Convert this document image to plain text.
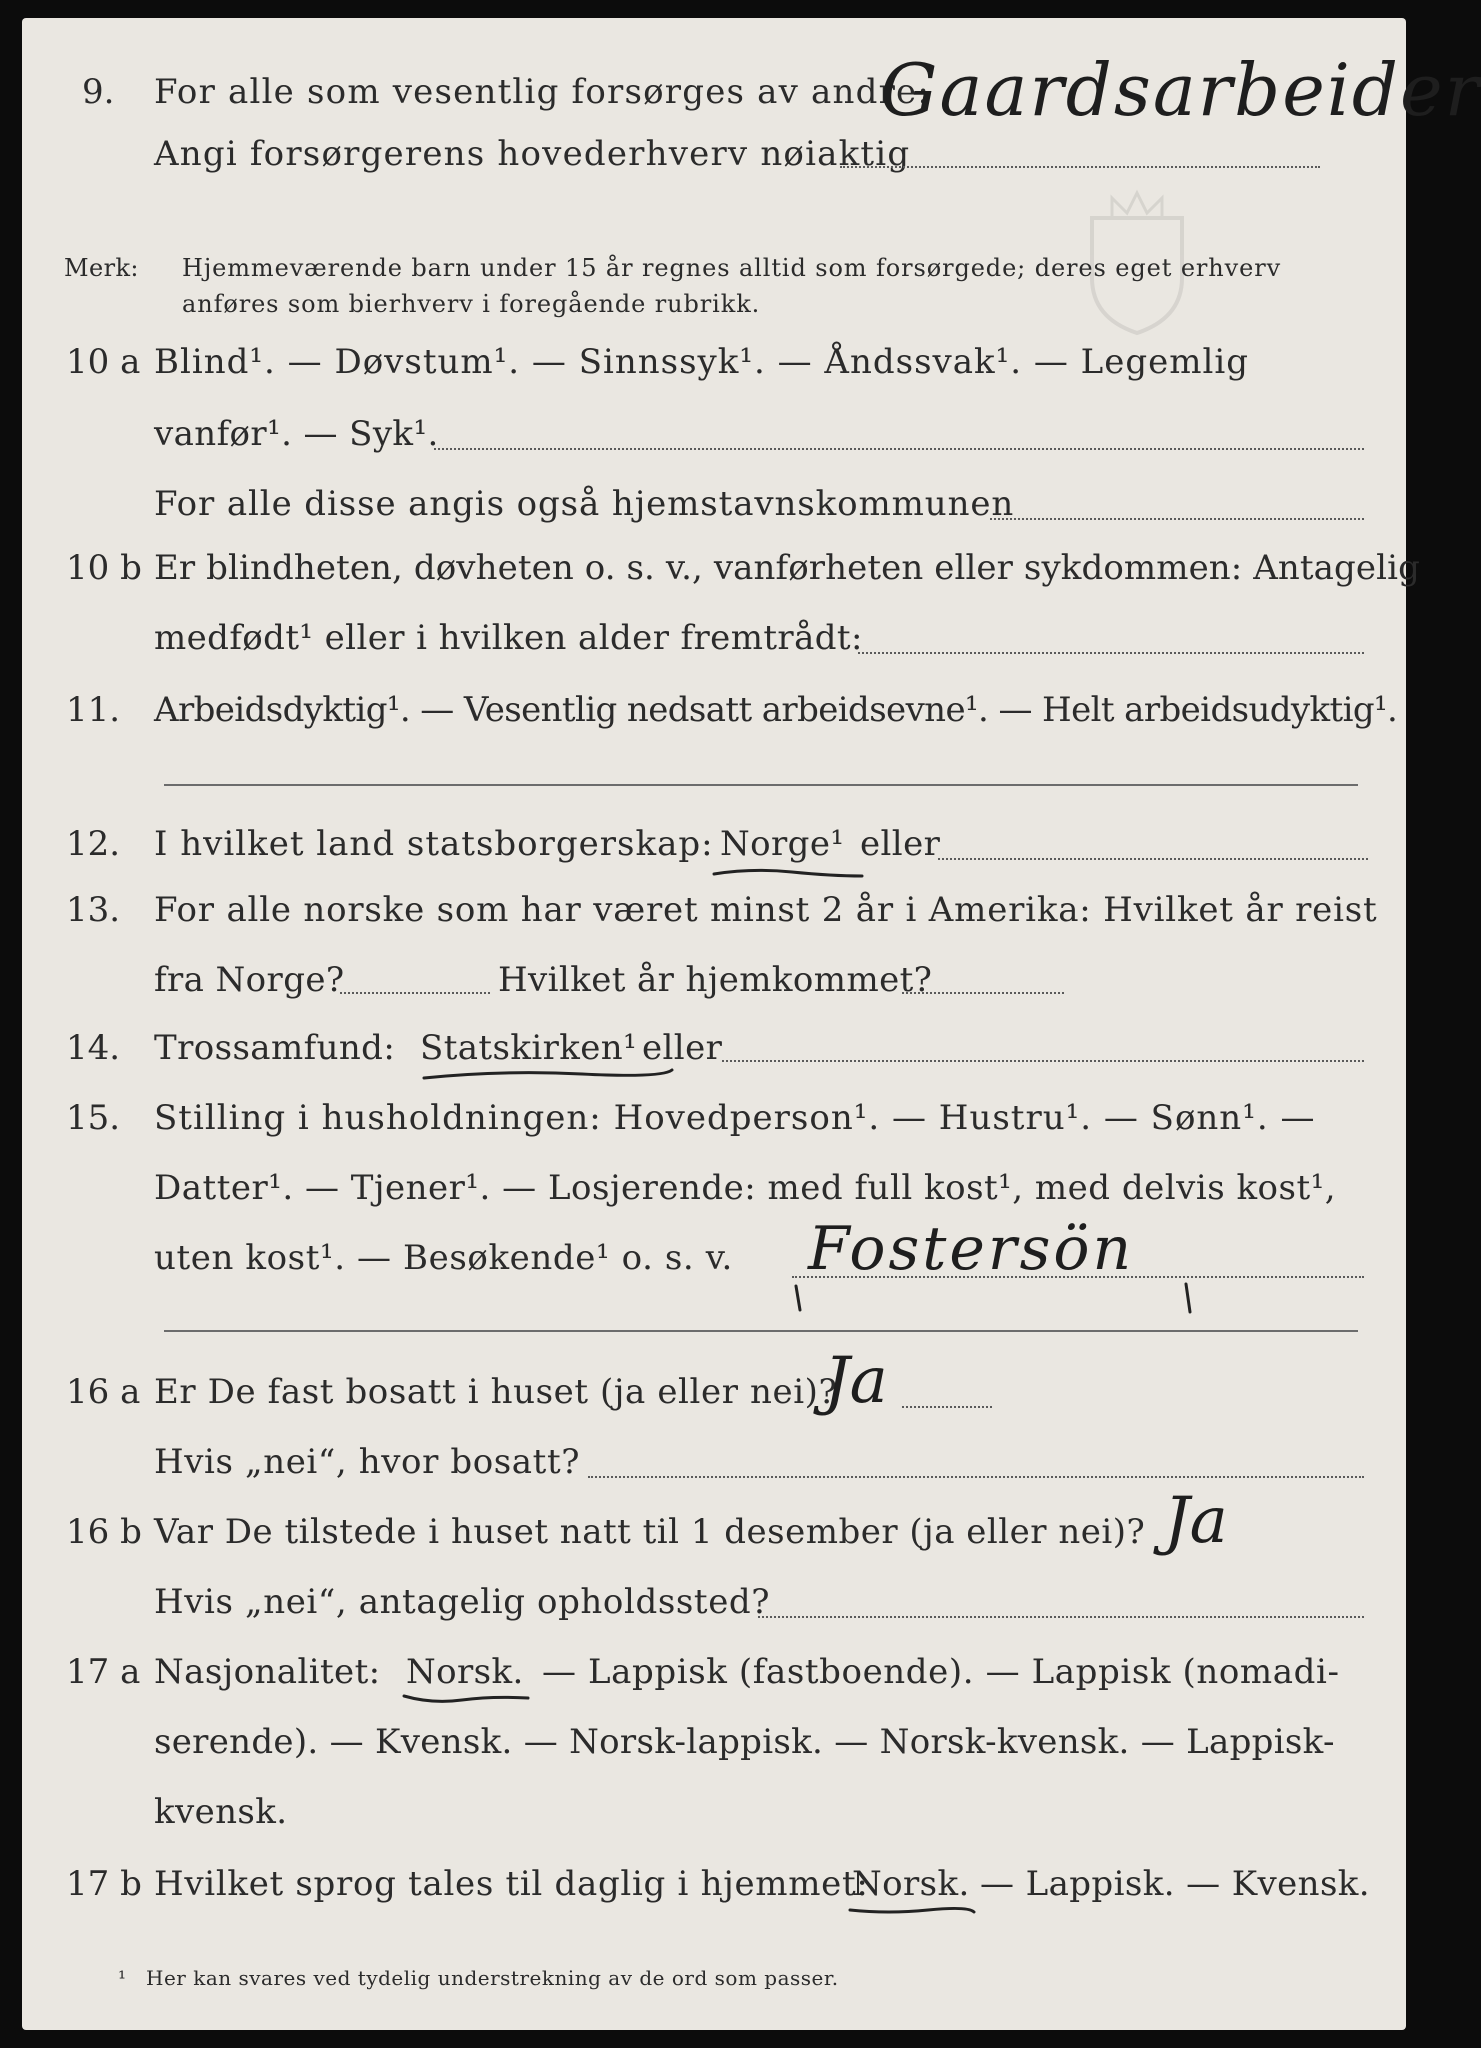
9. For alle som vesentlig forsørges av andre:
Angi forsørgerens hovederhverv nøiaktig
Gaardsarbeider
Merk: Hjemmeværende barn under 15 år regnes alltid som forsørgede; deres eget erhverv
anføres som bierhverv i foregående rubrikk.
10 a Blind¹. — Døvstum¹. — Sinnssyk¹. — Åndssvak¹. — Legemlig
vanfør¹. — Syk¹.
For alle disse angis også hjemstavnskommunen
10 b Er blindheten, døvheten o. s. v., vanførheten eller sykdommen: Antagelig
medfødt¹ eller i hvilken alder fremtrådt:
11. Arbeidsdyktig¹. — Vesentlig nedsatt arbeidsevne¹. — Helt arbeidsudyktig¹.
12. I hvilket land statsborgerskap: Norge¹ eller
13. For alle norske som har været minst 2 år i Amerika: Hvilket år reist
fra Norge?	Hvilket år hjemkommet?
14. Trossamfund: Statskirken¹ eller
15. Stilling i husholdningen: Hovedperson¹. — Hustru¹. — Sønn¹. —
Datter¹. — Tjener¹. — Losjerende: med full kost¹, med delvis kost¹,
uten kost¹. — Besøkende¹ o. s. v. Fostersön
16 a Er De fast bosatt i huset (ja eller nei)?
Ja
Hvis „nei“, hvor bosatt?
16 b Var De tilstede i huset natt til 1 desember (ja eller nei)? Ja
Hvis „nei“, antagelig opholdssted?
17 a Nasjonalitet: Norsk. — Lappisk (fastboende). — Lappisk (nomadi-
serende). — Kvensk. — Norsk-lappisk. — Norsk-kvensk. — Lappisk-
kvensk.
17 b Hvilket sprog tales til daglig i hjemmet:
Norsk. — Lappisk. — Kvensk.
¹ Her kan svares ved tydelig understrekning av de ord som passer.
